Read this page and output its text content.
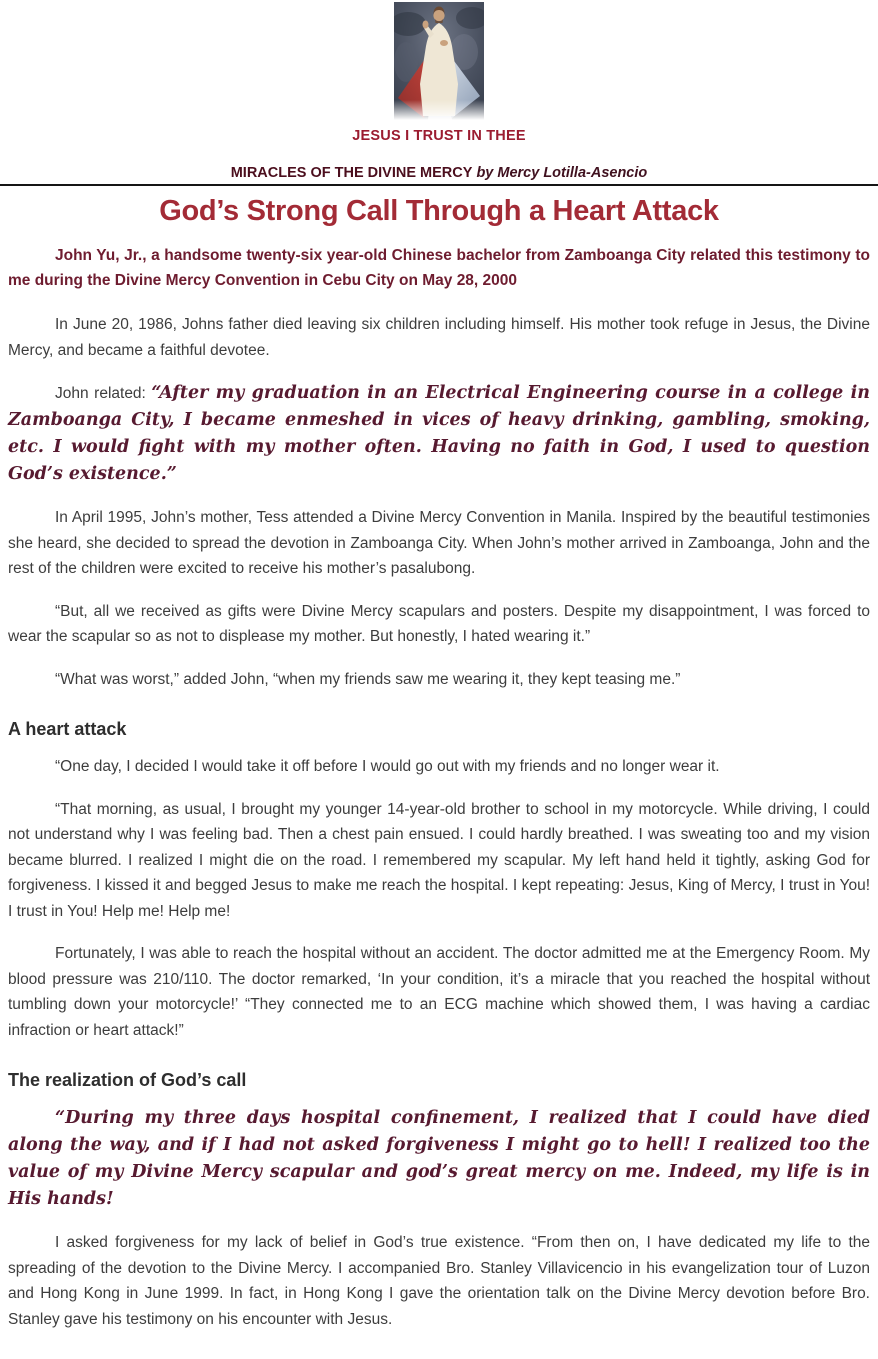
JESUS I TRUST IN THEE
MIRACLES OF THE DIVINE MERCY by Mercy Lotilla-Asencio
God’s Strong Call Through a Heart Attack

John Yu, Jr., a handsome twenty-six year-old Chinese bachelor from Zamboanga City related this testimony to me during the Divine Mercy Convention in Cebu City on May 28, 2000

In June 20, 1986, Johns father died leaving six children including himself. His mother took refuge in Jesus, the Divine Mercy, and became a faithful devotee.

John related: “After my graduation in an Electrical Engineering course in a college in Zamboanga City, I became enmeshed in vices of heavy drinking, gambling, smoking, etc. I would fight with my mother often. Having no faith in God, I used to question God’s existence.”

In April 1995, John’s mother, Tess attended a Divine Mercy Convention in Manila. Inspired by the beautiful testimonies she heard, she decided to spread the devotion in Zamboanga City. When John’s mother arrived in Zamboanga, John and the rest of the children were excited to receive his mother’s pasalubong.

“But, all we received as gifts were Divine Mercy scapulars and posters. Despite my disappointment, I was forced to wear the scapular so as not to displease my mother. But honestly, I hated wearing it.”

“What was worst,” added John, “when my friends saw me wearing it, they kept teasing me.”

A heart attack

“One day, I decided I would take it off before I would go out with my friends and no longer wear it.

“That morning, as usual, I brought my younger 14-year-old brother to school in my motorcycle. While driving, I could not understand why I was feeling bad. Then a chest pain ensued. I could hardly breathed. I was sweating too and my vision became blurred. I realized I might die on the road. I remembered my scapular. My left hand held it tightly, asking God for forgiveness. I kissed it and begged Jesus to make me reach the hospital. I kept repeating: Jesus, King of Mercy, I trust in You! I trust in You! Help me! Help me!

Fortunately, I was able to reach the hospital without an accident. The doctor admitted me at the Emergency Room. My blood pressure was 210/110. The doctor remarked, ‘In your condition, it’s a miracle that you reached the hospital without tumbling down your motorcycle!’ “They connected me to an ECG machine which showed them, I was having a cardiac infraction or heart attack!”

The realization of God’s call

“During my three days hospital confinement, I realized that I could have died along the way, and if I had not asked forgiveness I might go to hell! I realized too the value of my Divine Mercy scapular and god’s great mercy on me. Indeed, my life is in His hands!

I asked forgiveness for my lack of belief in God’s true existence. “From then on, I have dedicated my life to the spreading of the devotion to the Divine Mercy. I accompanied Bro. Stanley Villavicencio in his evangelization tour of Luzon and Hong Kong in June 1999. In fact, in Hong Kong I gave the orientation talk on the Divine Mercy devotion before Bro. Stanley gave his testimony on his encounter with Jesus.
